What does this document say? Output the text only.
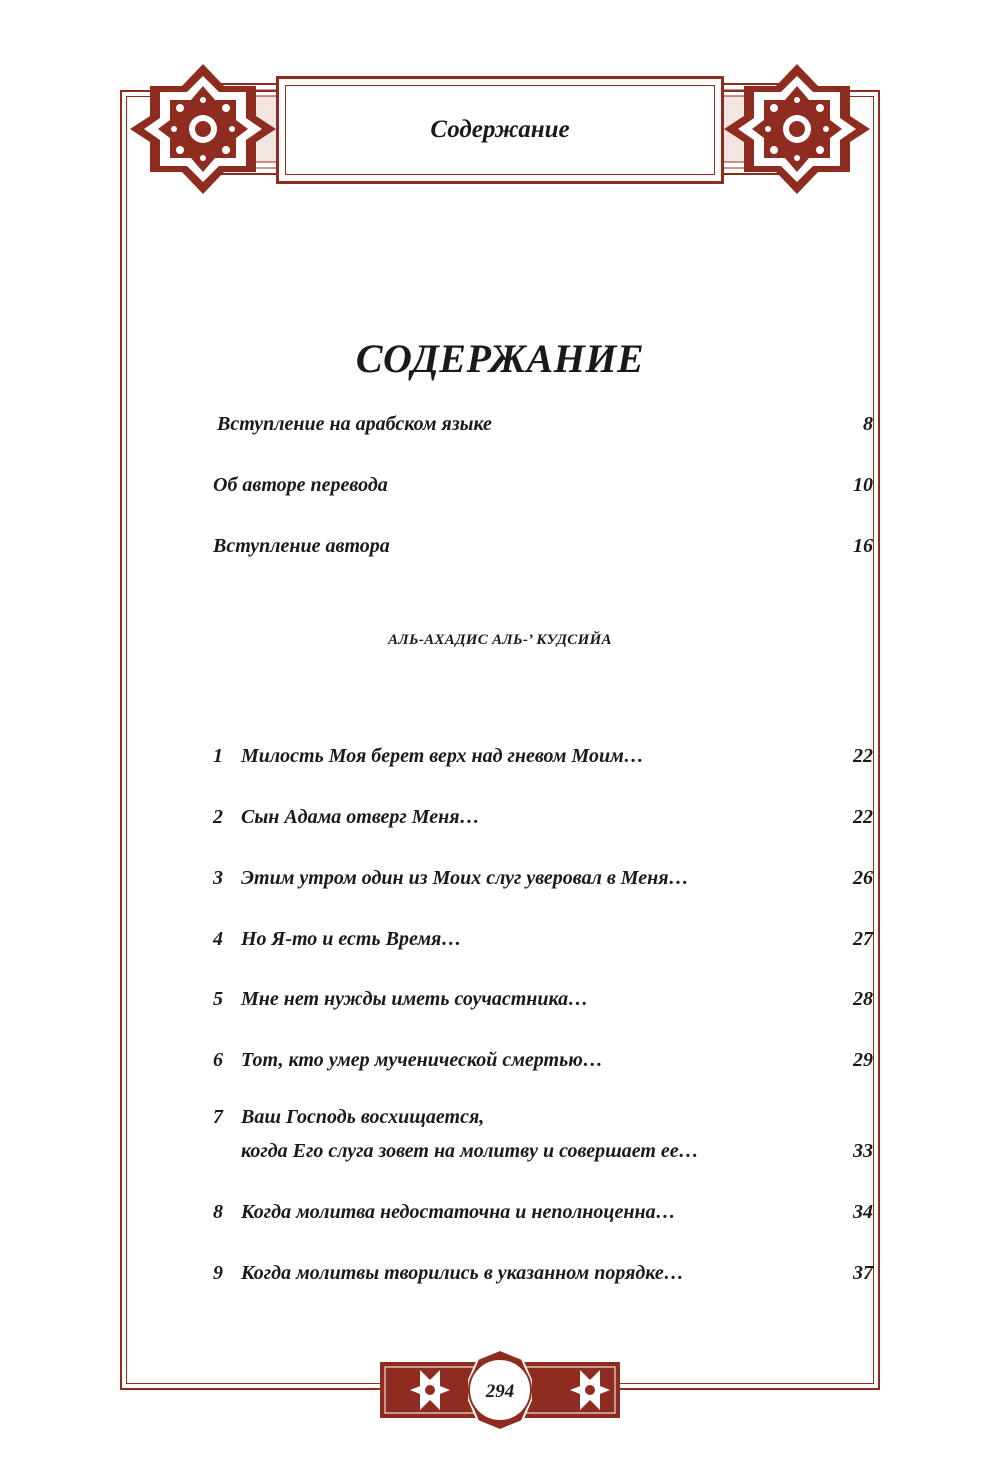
Содержание
СОДЕРЖАНИЕ
Вступление на арабском языке	8
Об авторе перевода	10
Вступление автора	16
АЛЬ-АХАДИС АЛЬ-’ КУДСИЙА
1 Милость Моя берет верх над гневом Моим…	22
2 Сын Адама отверг Меня…	22
3 Этим утром один из Моих слуг уверовал в Меня…	26
4 Но Я-то и есть Время…	27
5 Мне нет нужды иметь соучастника…	28
6 Тот, кто умер мученической смертью…	29
7 Ваш Господь восхищается,
когда Его слуга зовет на молитву и совершает ее…	33
8 Когда молитва недостаточна и неполноценна…	34
9 Когда молитвы творились в указанном порядке…	37
294
